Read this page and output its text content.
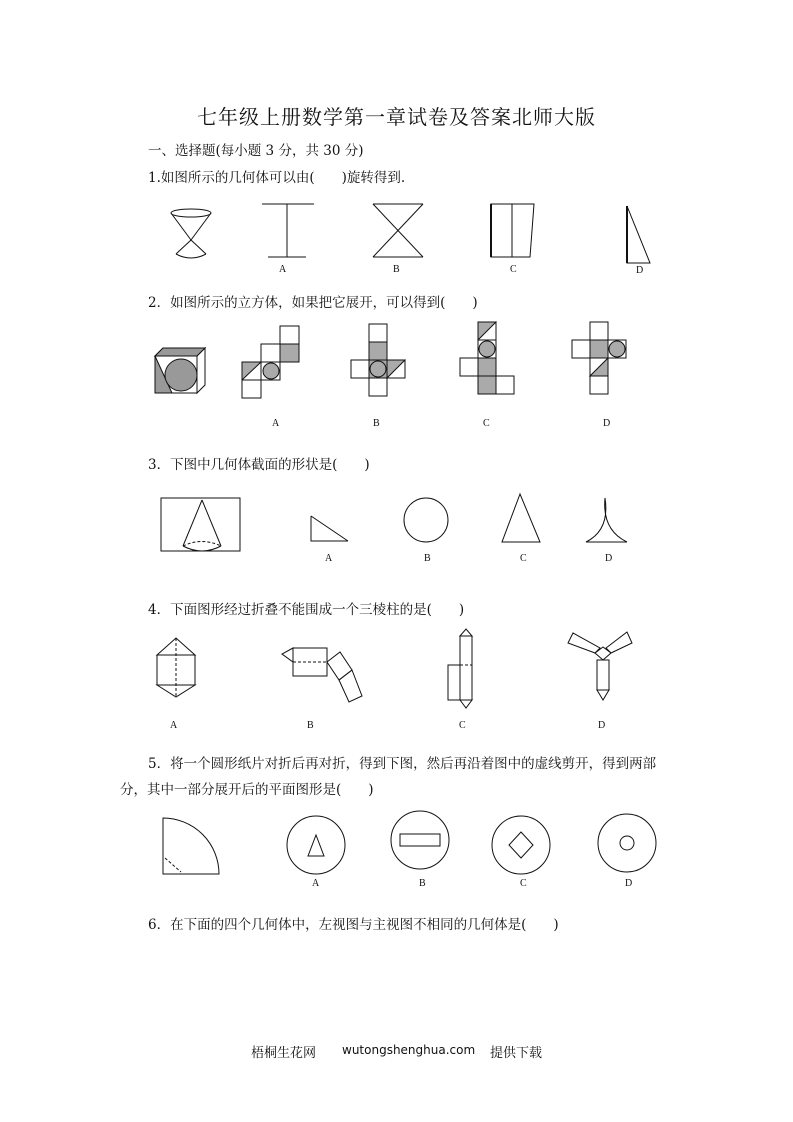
七年级上册数学第一章试卷及答案北师大版
一、选择题(每小题 3 分，共 30 分)
1.如图所示的几何体可以由(　　)旋转得到.
2．如图所示的立方体，如果把它展开，可以得到(　　)
3．下图中几何体截面的形状是(　　)
4．下面图形经过折叠不能围成一个三棱柱的是(　　)
5．将一个圆形纸片对折后再对折，得到下图，然后再沿着图中的虚线剪开，得到两部
分，其中一部分展开后的平面图形是(　　)
6．在下面的四个几何体中，左视图与主视图不相同的几何体是(　　)
A	B	C	D
A	B	C	D
A	B	C	D
A	B	C	D
A	B	C	D
梧桐生花网 wutongshenghua.com 提供下载
